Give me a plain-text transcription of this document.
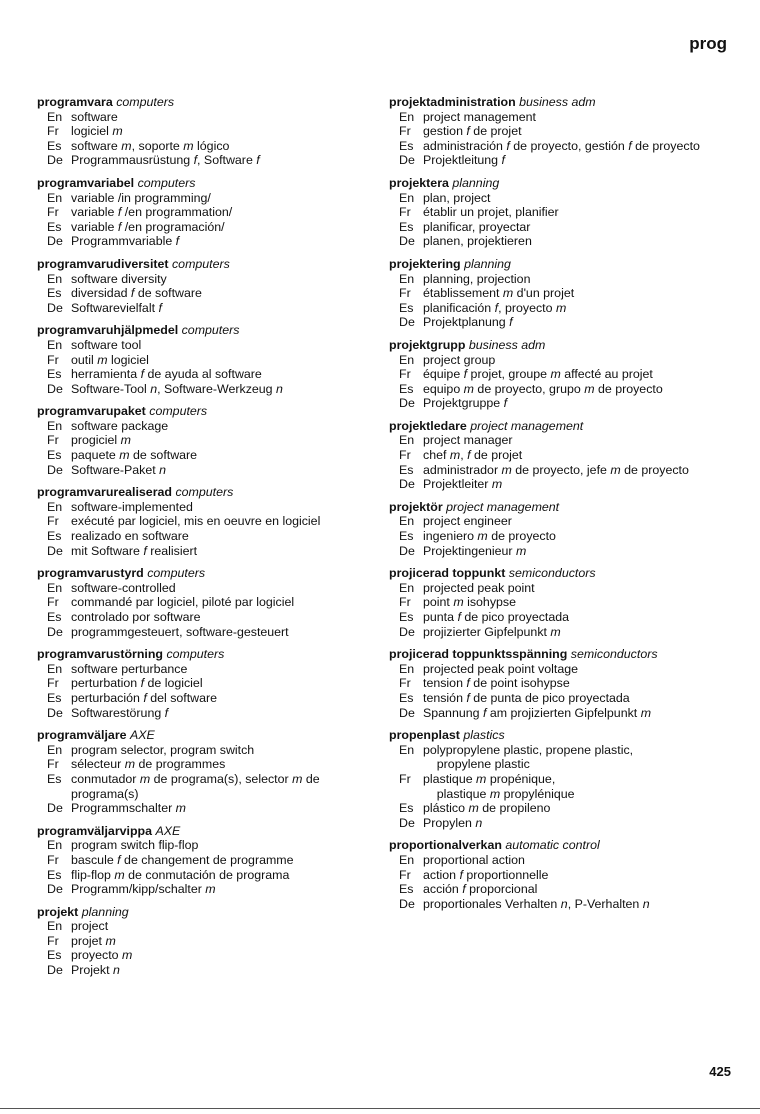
prog
programvara computers
En software
Fr logiciel m
Es software m, soporte m lógico
De Programmausrüstung f, Software f
programvariabel computers
En variable /in programming/
Fr variable f /en programmation/
Es variable f /en programación/
De Programmvariable f
programvarudiversitet computers
En software diversity
Es diversidad f de software
De Softwarevielfalt f
programvaruhjälpmedel computers
En software tool
Fr outil m logiciel
Es herramienta f de ayuda al software
De Software-Tool n, Software-Werkzeug n
programvarupaket computers
En software package
Fr progiciel m
Es paquete m de software
De Software-Paket n
programvarurealiserad computers
En software-implemented
Fr exécuté par logiciel, mis en oeuvre en logiciel
Es realizado en software
De mit Software f realisiert
programvarustyrd computers
En software-controlled
Fr commandé par logiciel, piloté par logiciel
Es controlado por software
De programmgesteuert, software-gesteuert
programvarustörning computers
En software perturbance
Fr perturbation f de logiciel
Es perturbación f del software
De Softwarestörung f
programväljare AXE
En program selector, program switch
Fr sélecteur m de programmes
Es conmutador m de programa(s), selector m de programa(s)
De Programmschalter m
programväljarvippa AXE
En program switch flip-flop
Fr bascule f de changement de programme
Es flip-flop m de conmutación de programa
De Programm/kipp/schalter m
projekt planning
En project
Fr projet m
Es proyecto m
De Projekt n
projektadministration business adm
En project management
Fr gestion f de projet
Es administración f de proyecto, gestión f de proyecto
De Projektleitung f
projektera planning
En plan, project
Fr établir un projet, planifier
Es planificar, proyectar
De planen, projektieren
projektering planning
En planning, projection
Fr établissement m d'un projet
Es planificación f, proyecto m
De Projektplanung f
projektgrupp business adm
En project group
Fr équipe f projet, groupe m affecté au projet
Es equipo m de proyecto, grupo m de proyecto
De Projektgruppe f
projektledare project management
En project manager
Fr chef m, f de projet
Es administrador m de proyecto, jefe m de proyecto
De Projektleiter m
projektör project management
En project engineer
Es ingeniero m de proyecto
De Projektingenieur m
projicerad toppunkt semiconductors
En projected peak point
Fr point m isohypse
Es punta f de pico proyectada
De projizierter Gipfelpunkt m
projicerad toppunktsspänning semiconductors
En projected peak point voltage
Fr tension f de point isohypse
Es tensión f de punta de pico proyectada
De Spannung f am projizierten Gipfelpunkt m
propenplast plastics
En polypropylene plastic, propene plastic,
propylene plastic
Fr plastique m propénique,
plastique m propylénique
Es plástico m de propileno
De Propylen n
proportionalverkan automatic control
En proportional action
Fr action f proportionnelle
Es acción f proporcional
De proportionales Verhalten n, P-Verhalten n
425
